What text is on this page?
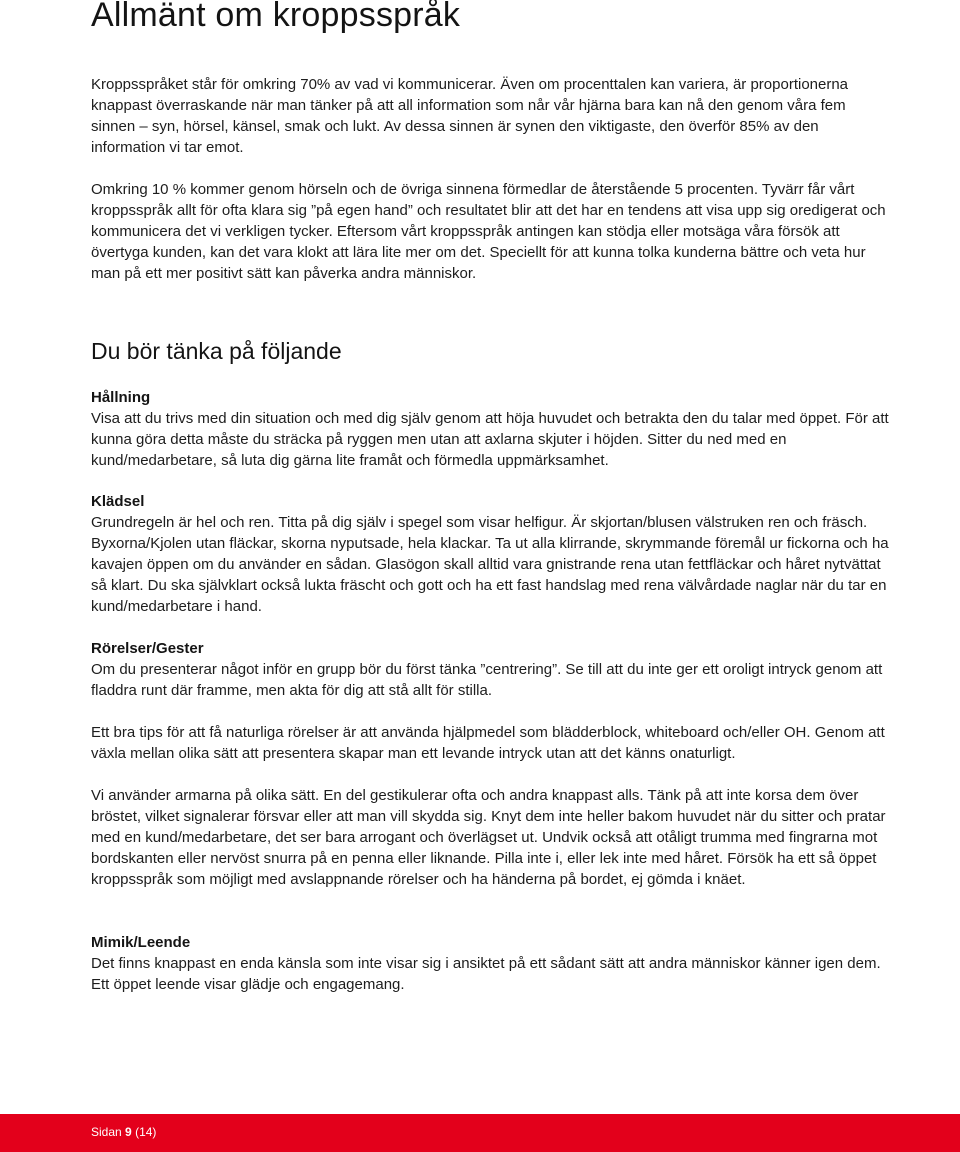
Allmänt om kroppsspråk

Kroppsspråket står för omkring 70% av vad vi kommunicerar. Även om procenttalen kan variera, är proportionerna knappast överraskande när man tänker på att all information som når vår hjärna bara kan nå den genom våra fem sinnen – syn, hörsel, känsel, smak och lukt. Av dessa sinnen är synen den viktigaste, den överför 85% av den information vi tar emot.

Omkring 10 % kommer genom hörseln och de övriga sinnena förmedlar de återstående 5 procenten. Tyvärr får vårt kroppsspråk allt för ofta klara sig ”på egen hand” och resultatet blir att det har en tendens att visa upp sig oredigerat och kommunicera det vi verkligen tycker. Eftersom vårt kroppsspråk antingen kan stödja eller motsäga våra försök att övertyga kunden, kan det vara klokt att lära lite mer om det. Speciellt för att kunna tolka kunderna bättre och veta hur man på ett mer positivt sätt kan påverka andra människor.

Du bör tänka på följande
Hållning

Visa att du trivs med din situation och med dig själv genom att höja huvudet och betrakta den du talar med öppet. För att kunna göra detta måste du sträcka på ryggen men utan att axlarna skjuter i höjden. Sitter du ned med en kund/medarbetare, så luta dig gärna lite framåt och förmedla uppmärksamhet.

Klädsel

Grundregeln är hel och ren. Titta på dig själv i spegel som visar helfigur. Är skjortan/blusen välstruken ren och fräsch. Byxorna/Kjolen utan fläckar, skorna nyputsade, hela klackar. Ta ut alla klirrande, skrymmande föremål ur fickorna och ha kavajen öppen om du använder en sådan. Glasögon skall alltid vara gnistrande rena utan fettfläckar och håret nytvättat så klart. Du ska självklart också lukta fräscht och gott och ha ett fast handslag med rena välvårdade naglar när du tar en kund/medarbetare i hand.

Rörelser/Gester

Om du presenterar något inför en grupp bör du först tänka ”centrering”. Se till att du inte ger ett oroligt intryck genom att fladdra runt där framme, men akta för dig att stå allt för stilla.

Ett bra tips för att få naturliga rörelser är att använda hjälpmedel som blädderblock, whiteboard och/eller OH. Genom att växla mellan olika sätt att presentera skapar man ett levande intryck utan att det känns onaturligt.

Vi använder armarna på olika sätt. En del gestikulerar ofta och andra knappast alls. Tänk på att inte korsa dem över bröstet, vilket signalerar försvar eller att man vill skydda sig. Knyt dem inte heller bakom huvudet när du sitter och pratar med en kund/medarbetare, det ser bara arrogant och överlägset ut. Undvik också att otåligt trumma med fingrarna mot bordskanten eller nervöst snurra på en penna eller liknande. Pilla inte i, eller lek inte med håret. Försök ha ett så öppet kroppsspråk som möjligt med avslappnande rörelser och ha händerna på bordet, ej gömda i knäet.

Mimik/Leende

Det finns knappast en enda känsla som inte visar sig i ansiktet på ett sådant sätt att andra människor känner igen dem. Ett öppet leende visar glädje och engagemang.

Sidan 9 (14)
